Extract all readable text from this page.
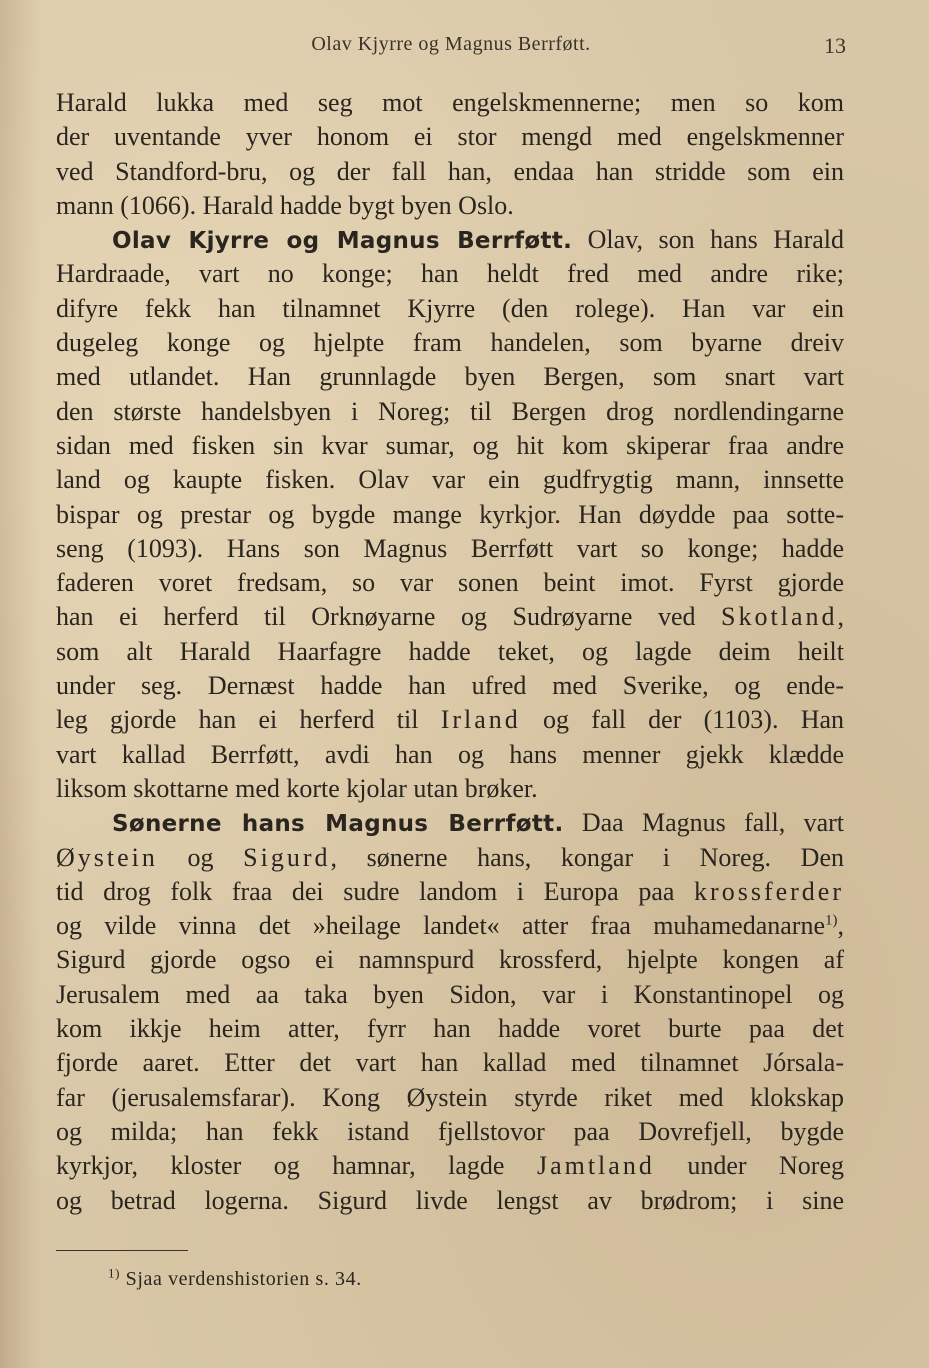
Olav Kjyrre og Magnus Berrføtt.	13
Harald lukka med seg mot engelskmennerne; men so kom
der uventande yver honom ei stor mengd med engelskmenner
ved Standford-bru, og der fall han, endaa han stridde som ein
mann (1066). Harald hadde bygt byen Oslo.
Olav Kjyrre og Magnus Berrføtt. Olav, son hans Harald
Hardraade, vart no konge; han heldt fred med andre rike;
difyre fekk han tilnamnet Kjyrre (den rolege). Han var ein
dugeleg konge og hjelpte fram handelen, som byarne dreiv
med utlandet. Han grunnlagde byen Bergen, som snart vart
den største handelsbyen i Noreg; til Bergen drog nordlendingarne
sidan med fisken sin kvar sumar, og hit kom skiperar fraa andre
land og kaupte fisken. Olav var ein gudfrygtig mann, innsette
bispar og prestar og bygde mange kyrkjor. Han døydde paa sotte-
seng (1093). Hans son Magnus Berrføtt vart so konge; hadde
faderen voret fredsam, so var sonen beint imot. Fyrst gjorde
han ei herferd til Orknøyarne og Sudrøyarne ved Skotland,
som alt Harald Haarfagre hadde teket, og lagde deim heilt
under seg. Dernæst hadde han ufred med Sverike, og ende-
leg gjorde han ei herferd til Irland og fall der (1103). Han
vart kallad Berrføtt, avdi han og hans menner gjekk klædde
liksom skottarne med korte kjolar utan brøker.
Sønerne hans Magnus Berrføtt. Daa Magnus fall, vart
Øystein og Sigurd, sønerne hans, kongar i Noreg. Den
tid drog folk fraa dei sudre landom i Europa paa krossferder
og vilde vinna det »heilage landet« atter fraa muhamedanarne$^{1)}$,
Sigurd gjorde ogso ei namnspurd krossferd, hjelpte kongen af
Jerusalem med aa taka byen Sidon, var i Konstantinopel og
kom ikkje heim atter, fyrr han hadde voret burte paa det
fjorde aaret. Etter det vart han kallad med tilnamnet Jórsala-
far (jerusalemsfarar). Kong Øystein styrde riket med klokskap
og milda; han fekk istand fjellstovor paa Dovrefjell, bygde
kyrkjor, kloster og hamnar, lagde Jamtland under Noreg
og betrad logerna. Sigurd livde lengst av brødrom; i sine
$^{1)}$ Sjaa verdenshistorien s. 34.
